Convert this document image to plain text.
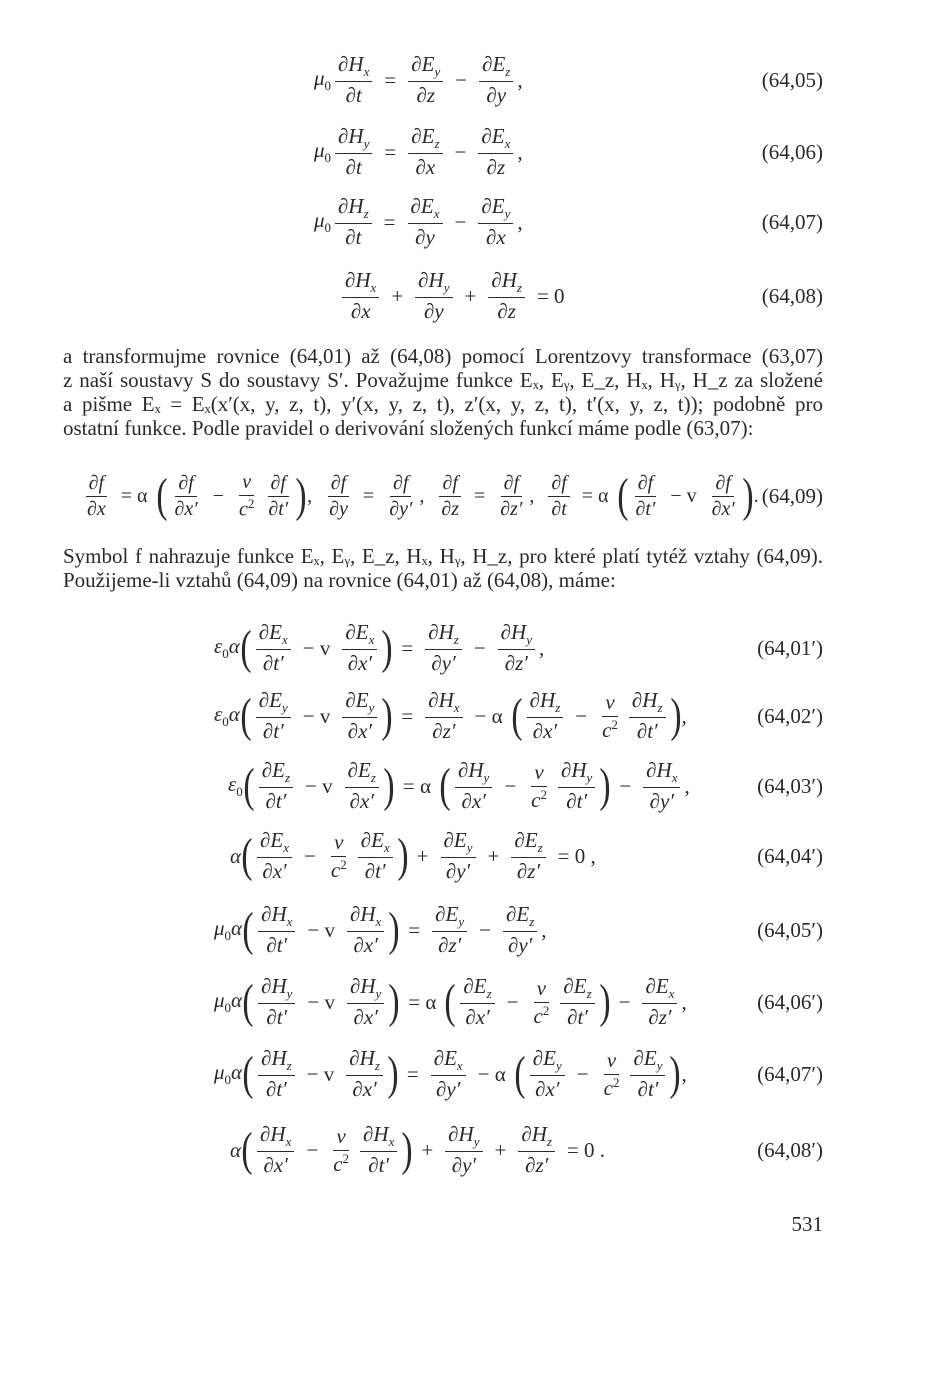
$\mu_0 \frac{\partial H_x}{\partial t} = \frac{\partial E_y}{\partial z} - \frac{\partial E_z}{\partial y}$ ,	(64,05)
$\mu_0 \frac{\partial H_y}{\partial t} = \frac{\partial E_z}{\partial x} - \frac{\partial E_x}{\partial z}$ ,	(64,06)
$\mu_0 \frac{\partial H_z}{\partial t} = \frac{\partial E_x}{\partial y} - \frac{\partial E_y}{\partial x}$ ,	(64,07)
$\frac{\partial H_x}{\partial x} + \frac{\partial H_y}{\partial y} + \frac{\partial H_z}{\partial z} = 0$	(64,08)
a transformujme rovnice (64,01) až (64,08) pomocí Lorentzovy transformace (63,07)
z naší soustavy S do soustavy S′. Považujme funkce Eₓ, Eᵧ, E_z, Hₓ, Hᵧ, H_z za složené
a pišme Eₓ = Eₓ(x′(x, y, z, t), y′(x, y, z, t), z′(x, y, z, t), t′(x, y, z, t)); podobně pro
ostatní funkce. Podle pravidel o derivování složených funkcí máme podle (63,07):
$\frac{\partial f}{\partial x} = \alpha$ ( $\frac{\partial f}{\partial x'} - \frac{v}{c^2} \frac{\partial f}{\partial t'}$ ) , $\frac{\partial f}{\partial y} = \frac{\partial f}{\partial y'}$ , $\frac{\partial f}{\partial z} = \frac{\partial f}{\partial z'}$ , $\frac{\partial f}{\partial t} = \alpha$ ( $\frac{\partial f}{\partial t'} - v \frac{\partial f}{\partial x'}$ ) . (64,09)
Symbol f nahrazuje funkce Eₓ, Eᵧ, E_z, Hₓ, Hᵧ, H_z, pro které platí tytéž vztahy (64,09).
Použijeme-li vztahů (64,09) na rovnice (64,01) až (64,08), máme:
$\varepsilon_0\alpha$ ( $\frac{\partial E_x}{\partial t'} - v \frac{\partial E_x}{\partial x'}$ ) = $\frac{\partial H_z}{\partial y'} - \frac{\partial H_y}{\partial z'}$ ,	(64,01′)
$\varepsilon_0\alpha$ ( $\frac{\partial E_y}{\partial t'} - v \frac{\partial E_y}{\partial x'}$ ) = $\frac{\partial H_x}{\partial z'} - \alpha$ ( $\frac{\partial H_z}{\partial x'} - \frac{v}{c^2} \frac{\partial H_z}{\partial t'}$ ) ,	(64,02′)
$\varepsilon_0$ ( $\frac{\partial E_z}{\partial t'} - v \frac{\partial E_z}{\partial x'}$ ) = α ( $\frac{\partial H_y}{\partial x'} - \frac{v}{c^2} \frac{\partial H_y}{\partial t'}$ ) − $\frac{\partial H_x}{\partial y'}$ ,	(64,03′)
α ( $\frac{\partial E_x}{\partial x'} - \frac{v}{c^2} \frac{\partial E_x}{\partial t'}$ ) + $\frac{\partial E_y}{\partial y'} + \frac{\partial E_z}{\partial z'} = 0$ ,	(64,04′)
$\mu_0\alpha$ ( $\frac{\partial H_x}{\partial t'} - v \frac{\partial H_x}{\partial x'}$ ) = $\frac{\partial E_y}{\partial z'} - \frac{\partial E_z}{\partial y'}$ ,	(64,05′)
$\mu_0\alpha$ ( $\frac{\partial H_y}{\partial t'} - v \frac{\partial H_y}{\partial x'}$ ) = α ( $\frac{\partial E_z}{\partial x'} - \frac{v}{c^2} \frac{\partial E_z}{\partial t'}$ ) − $\frac{\partial E_x}{\partial z'}$ ,	(64,06′)
$\mu_0\alpha$ ( $\frac{\partial H_z}{\partial t'} - v \frac{\partial H_z}{\partial x'}$ ) = $\frac{\partial E_x}{\partial y'} - \alpha$ ( $\frac{\partial E_y}{\partial x'} - \frac{v}{c^2} \frac{\partial E_y}{\partial t'}$ ) ,	(64,07′)
α ( $\frac{\partial H_x}{\partial x'} - \frac{v}{c^2} \frac{\partial H_x}{\partial t'}$ ) + $\frac{\partial H_y}{\partial y'} + \frac{\partial H_z}{\partial z'} = 0$ .	(64,08′)
531
